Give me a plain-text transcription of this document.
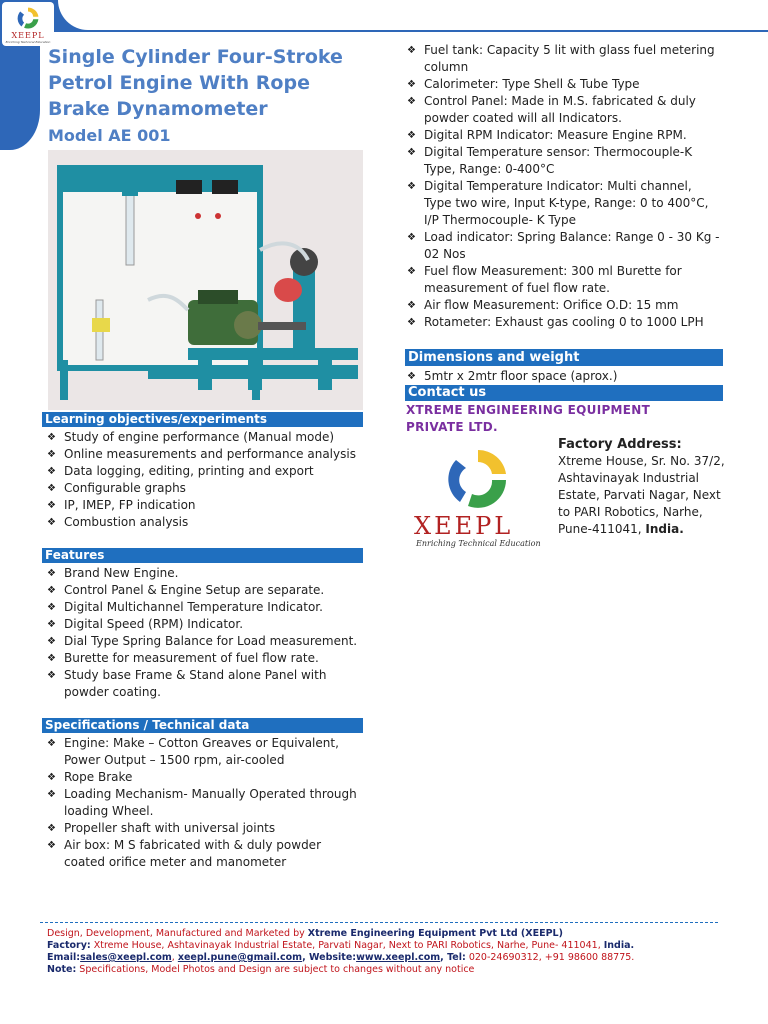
XEEPL
Enriching Technical Education
Single Cylinder Four-Stroke Petrol Engine With Rope Brake Dynamometer
Model AE 001
Learning objectives/experiments
❖ Study of engine performance (Manual mode)
❖ Online measurements and performance analysis
❖ Data logging, editing, printing and export
❖ Configurable graphs
❖ IP, IMEP, FP indication
❖ Combustion analysis
Features
❖ Brand New Engine.
❖ Control Panel & Engine Setup are separate.
❖ Digital Multichannel Temperature Indicator.
❖ Digital Speed (RPM) Indicator.
❖ Dial Type Spring Balance for Load measurement.
❖ Burette for measurement of fuel flow rate.
❖ Study base Frame & Stand alone Panel with powder coating.
Specifications / Technical data
❖ Engine: Make – Cotton Greaves or Equivalent, Power Output – 1500 rpm, air-cooled
❖ Rope Brake
❖ Loading Mechanism- Manually Operated through loading Wheel.
❖ Propeller shaft with universal joints
❖ Air box: M S fabricated with & duly powder coated orifice meter and manometer
❖ Fuel tank: Capacity 5 lit with glass fuel metering column
❖ Calorimeter: Type Shell & Tube Type
❖ Control Panel: Made in M.S. fabricated & duly powder coated will all Indicators.
❖ Digital RPM Indicator: Measure Engine RPM.
❖ Digital Temperature sensor: Thermocouple-K Type, Range: 0-400°C
❖ Digital Temperature Indicator: Multi channel, Type two wire, Input K-type, Range: 0 to 400°C, I/P Thermocouple- K Type
❖ Load indicator: Spring Balance: Range 0 - 30 Kg - 02 Nos
❖ Fuel flow Measurement: 300 ml Burette for measurement of fuel flow rate.
❖ Air flow Measurement: Orifice O.D: 15 mm
❖ Rotameter: Exhaust gas cooling 0 to 1000 LPH
Dimensions and weight
❖ 5mtr x 2mtr floor space (aprox.)
Contact us
XTREME ENGINEERING EQUIPMENT PRIVATE LTD.
XEEPL
Enriching Technical Education
Factory Address:
Xtreme House, Sr. No. 37/2, Ashtavinayak Industrial Estate, Parvati Nagar, Next to PARI Robotics, Narhe, Pune-411041, India.
Design, Development, Manufactured and Marketed by Xtreme Engineering Equipment Pvt Ltd (XEEPL)
Factory: Xtreme House, Ashtavinayak Industrial Estate, Parvati Nagar, Next to PARI Robotics, Narhe, Pune- 411041, India.
Email:sales@xeepl.com, xeepl.pune@gmail.com, Website:www.xeepl.com, Tel: 020-24690312, +91 98600 88775.
Note: Specifications, Model Photos and Design are subject to changes without any notice
